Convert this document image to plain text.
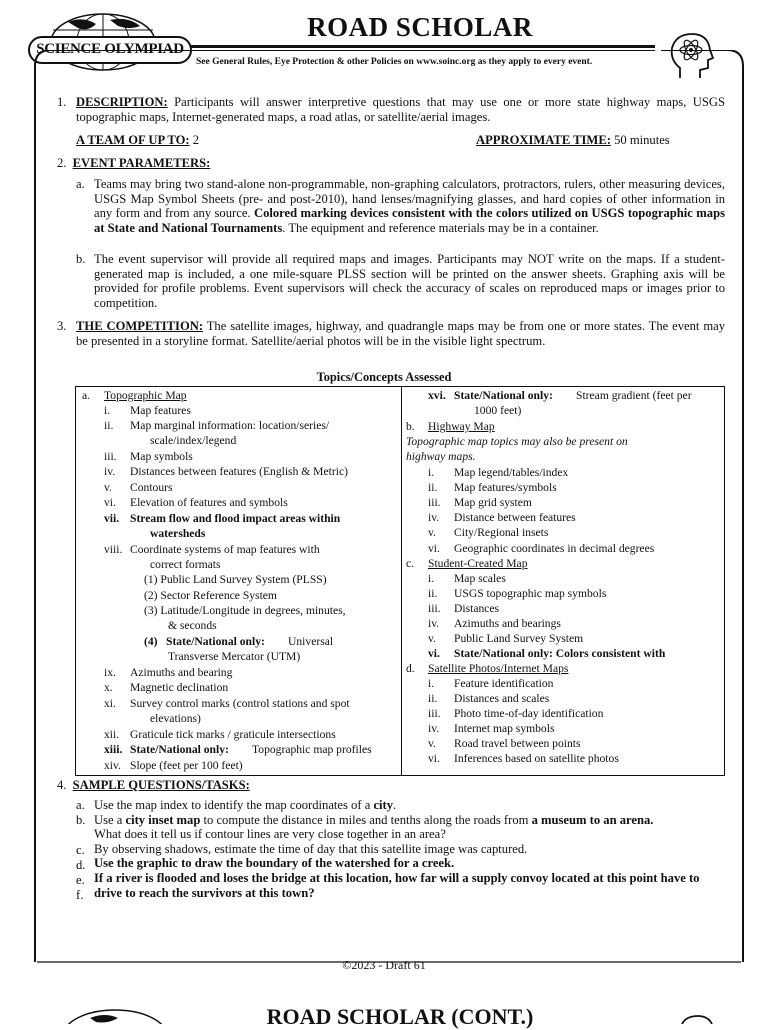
SCIENCE OLYMPIAD
ROAD SCHOLAR
See General Rules, Eye Protection & other Policies on www.soinc.org as they apply to every event.
1. DESCRIPTION: Participants will answer interpretive questions that may use one or more state highway maps, USGS topographic maps, Internet-generated maps, a road atlas, or satellite/aerial images.
A TEAM OF UP TO: 2	APPROXIMATE TIME: 50 minutes
2. EVENT PARAMETERS:
a. Teams may bring two stand-alone non-programmable, non-graphing calculators, protractors, rulers, other measuring devices, USGS Map Symbol Sheets (pre- and post-2010), hand lenses/magnifying glasses, and hard copies of other information in any form and from any source. Colored marking devices consistent with the colors utilized on USGS topographic maps at State and National Tournaments. The equipment and reference materials may be in a container.
b. The event supervisor will provide all required maps and images. Participants may NOT write on the maps. If a student-generated map is included, a one mile-square PLSS section will be printed on the answer sheets. Graphing axis will be provided for profile problems. Event supervisors will check the accuracy of scales on reproduced maps or images prior to competition.
3. THE COMPETITION: The satellite images, highway, and quadrangle maps may be from one or more states. The event may be presented in a storyline format. Satellite/aerial photos will be in the visible light spectrum.
Topics/Concepts Assessed
a. Topographic Map
i. Map features
ii. Map marginal information: location/series/
scale/index/legend
iii. Map symbols
iv. Distances between features (English & Metric)
v. Contours
vi. Elevation of features and symbols
vii. Stream flow and flood impact areas within
watersheds
viii. Coordinate systems of map features with
correct formats
(1) Public Land Survey System (PLSS)
(2) Sector Reference System
(3) Latitude/Longitude in degrees, minutes,
& seconds
(4) State/National only: Universal
Transverse Mercator (UTM)
ix. Azimuths and bearing
x. Magnetic declination
xi. Survey control marks (control stations and spot
elevations)
xii. Graticule tick marks / graticule intersections
xiii. State/National only: Topographic map profiles
xiv. Slope (feet per 100 feet)
xvi. State/National only: Stream gradient (feet per
1000 feet)
b. Highway Map
Topographic map topics may also be present on
highway maps.
i. Map legend/tables/index
ii. Map features/symbols
iii. Map grid system
iv. Distance between features
v. City/Regional insets
vi. Geographic coordinates in decimal degrees
c. Student-Created Map
i. Map scales
ii. USGS topographic map symbols
iii. Distances
iv. Azimuths and bearings
v. Public Land Survey System
vi. State/National only: Colors consistent with
d. Satellite Photos/Internet Maps
i. Feature identification
ii. Distances and scales
iii. Photo time-of-day identification
iv. Internet map symbols
v. Road travel between points
vi. Inferences based on satellite photos
4. SAMPLE QUESTIONS/TASKS:
a. Use the map index to identify the map coordinates of a city.
b. Use a city inset map to compute the distance in miles and tenths along the roads from a museum to an arena.
c.
What does it tell us if contour lines are very close together in an area?
d.
By observing shadows, estimate the time of day that this satellite image was captured.
e.
Use the graphic to draw the boundary of the watershed for a creek.
f.
If a river is flooded and loses the bridge at this location, how far will a supply convoy located at this point have to drive to reach the survivors at this town?
©2023 - Draft 61
ROAD SCHOLAR (CONT.)
